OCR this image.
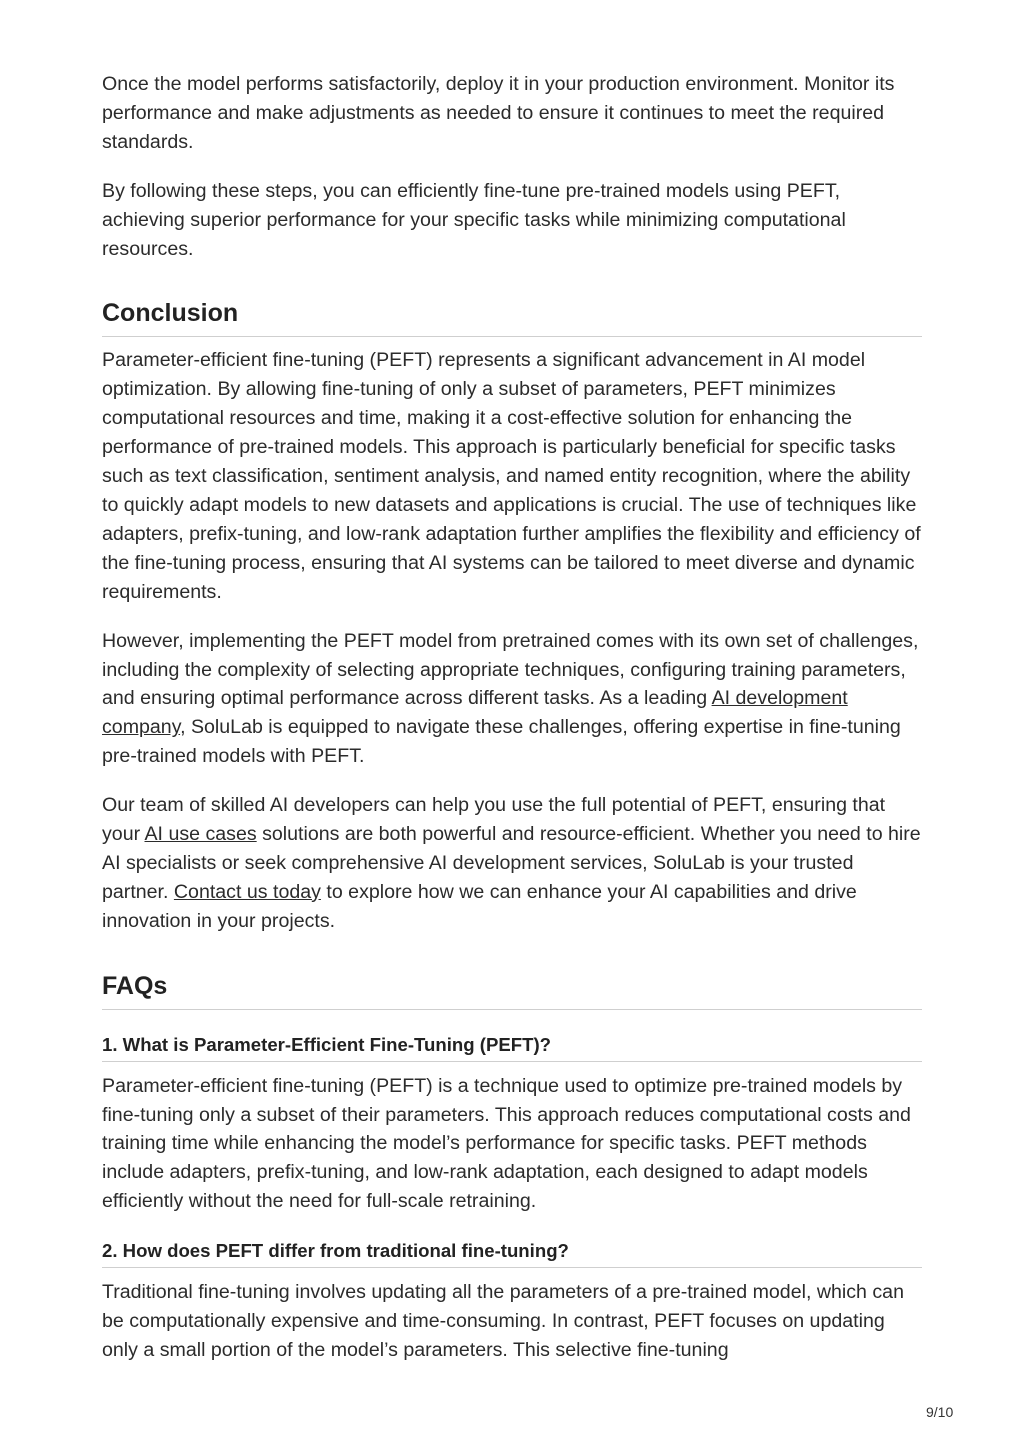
Once the model performs satisfactorily, deploy it in your production environment. Monitor its performance and make adjustments as needed to ensure it continues to meet the required standards.

By following these steps, you can efficiently fine-tune pre-trained models using PEFT, achieving superior performance for your specific tasks while minimizing computational resources.

Conclusion

Parameter-efficient fine-tuning (PEFT) represents a significant advancement in AI model optimization. By allowing fine-tuning of only a subset of parameters, PEFT minimizes computational resources and time, making it a cost-effective solution for enhancing the performance of pre-trained models. This approach is particularly beneficial for specific tasks such as text classification, sentiment analysis, and named entity recognition, where the ability to quickly adapt models to new datasets and applications is crucial. The use of techniques like adapters, prefix-tuning, and low-rank adaptation further amplifies the flexibility and efficiency of the fine-tuning process, ensuring that AI systems can be tailored to meet diverse and dynamic requirements.

However, implementing the PEFT model from pretrained comes with its own set of challenges, including the complexity of selecting appropriate techniques, configuring training parameters, and ensuring optimal performance across different tasks. As a leading AI development company, SoluLab is equipped to navigate these challenges, offering expertise in fine-tuning pre-trained models with PEFT.

Our team of skilled AI developers can help you use the full potential of PEFT, ensuring that your AI use cases solutions are both powerful and resource-efficient. Whether you need to hire AI specialists or seek comprehensive AI development services, SoluLab is your trusted partner. Contact us today to explore how we can enhance your AI capabilities and drive innovation in your projects.

FAQs
1. What is Parameter-Efficient Fine-Tuning (PEFT)?

Parameter-efficient fine-tuning (PEFT) is a technique used to optimize pre-trained models by fine-tuning only a subset of their parameters. This approach reduces computational costs and training time while enhancing the model’s performance for specific tasks. PEFT methods include adapters, prefix-tuning, and low-rank adaptation, each designed to adapt models efficiently without the need for full-scale retraining.

2. How does PEFT differ from traditional fine-tuning?

Traditional fine-tuning involves updating all the parameters of a pre-trained model, which can be computationally expensive and time-consuming. In contrast, PEFT focuses on updating only a small portion of the model’s parameters. This selective fine-tuning

9/10
